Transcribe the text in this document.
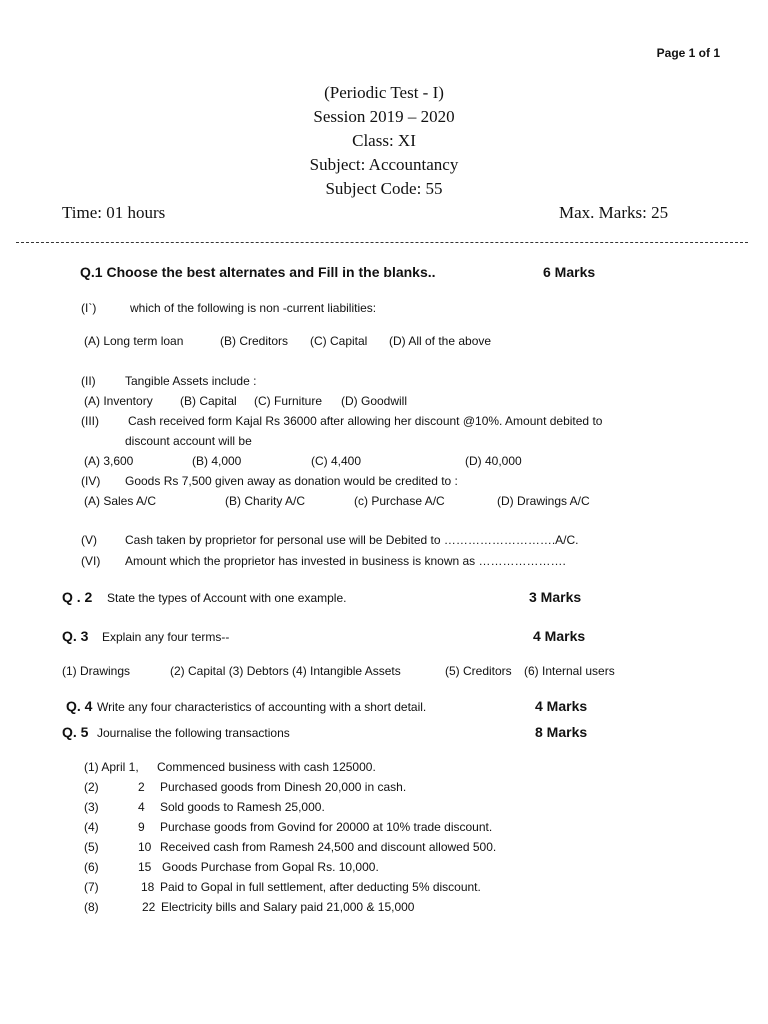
Page 1 of 1
(Periodic Test - I)
Session 2019 – 2020
Class: XI
Subject: Accountancy
Subject Code: 55
Time: 01 hours	Max. Marks: 25
Q.1 Choose the best alternates and Fill in the blanks..	6 Marks
(I`)	which of the following is non -current liabilities:
(A) Long term loan	(B) Creditors (C) Capital (D) All of the above
(II) Tangible Assets include :
(A) Inventory (B) Capital (C) Furniture (D) Goodwill
(III) Cash received form Kajal Rs 36000 after allowing her discount @10%. Amount debited to
discount account will be
(A) 3,600	(B) 4,000	(C) 4,400	(D) 40,000
(IV) Goods Rs 7,500 given away as donation would be credited to :
(A) Sales A/C	(B) Charity A/C	(c) Purchase A/C	(D) Drawings A/C
(V) Cash taken by proprietor for personal use will be Debited to ……………………….A/C.
(VI) Amount which the proprietor has invested in business is known as ………………….
Q . 2 State the types of Account with one example.	3 Marks
Q. 3 Explain any four terms--	4 Marks
(1) Drawings	(2) Capital (3) Debtors (4) Intangible Assets	(5) Creditors (6) Internal users
Q. 4 Write any four characteristics of accounting with a short detail.	4 Marks
Q. 5 Journalise the following transactions	8 Marks
(1) April 1, Commenced business with cash 125000.
(2)	2 Purchased goods from Dinesh 20,000 in cash.
(3)	4 Sold goods to Ramesh 25,000.
(4)	9 Purchase goods from Govind for 20000 at 10% trade discount.
(5)	10 Received cash from Ramesh 24,500 and discount allowed 500.
(6)	15 Goods Purchase from Gopal Rs. 10,000.
(7)	18 Paid to Gopal in full settlement, after deducting 5% discount.
(8)	22 Electricity bills and Salary paid 21,000 & 15,000
